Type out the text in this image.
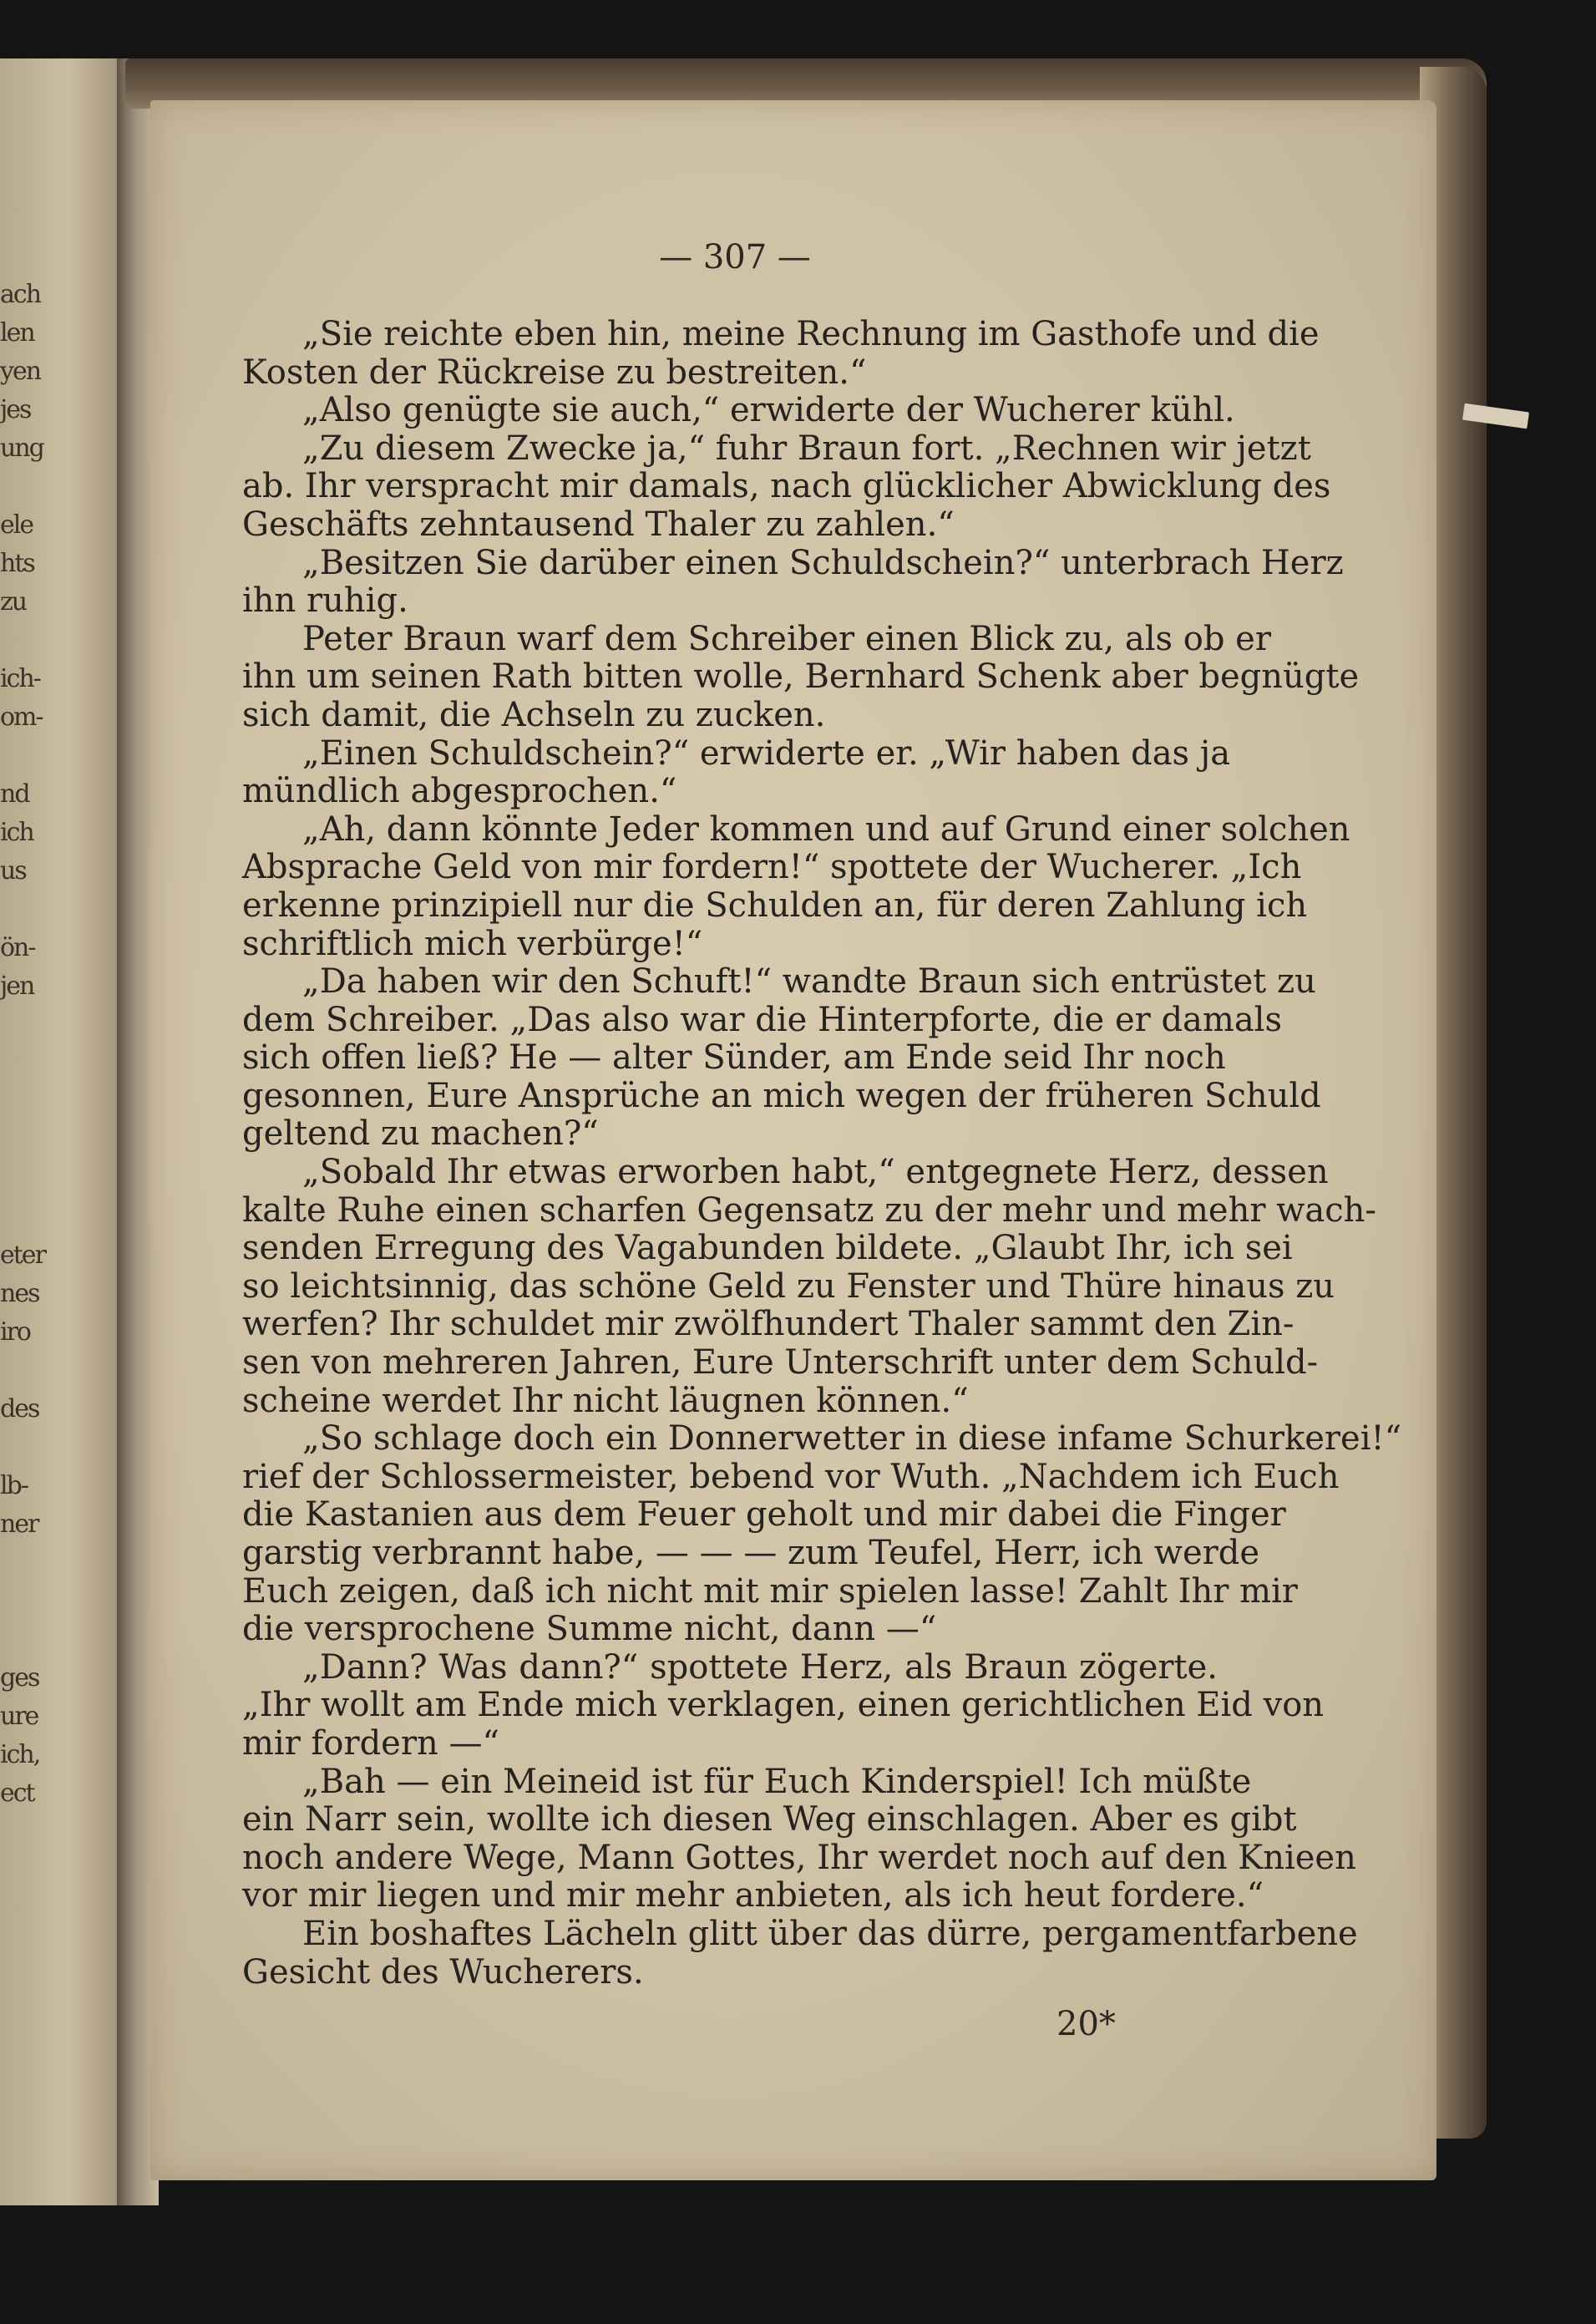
ach
len
yen
jes
ung
ele
hts
zu
ich-
om-
nd
ich
us
ön-
jen
eter
nes
iro
des
lb-
ner
ges
ure
ich,
ect
— 307 —
„Sie reichte eben hin, meine Rechnung im Gasthofe und die
Kosten der Rückreise zu bestreiten.“
„Also genügte sie auch,“ erwiderte der Wucherer kühl.
„Zu diesem Zwecke ja,“ fuhr Braun fort. „Rechnen wir jetzt
ab. Ihr verspracht mir damals, nach glücklicher Abwicklung des
Geschäfts zehntausend Thaler zu zahlen.“
„Besitzen Sie darüber einen Schuldschein?“ unterbrach Herz
ihn ruhig.
Peter Braun warf dem Schreiber einen Blick zu, als ob er
ihn um seinen Rath bitten wolle, Bernhard Schenk aber begnügte
sich damit, die Achseln zu zucken.
„Einen Schuldschein?“ erwiderte er. „Wir haben das ja
mündlich abgesprochen.“
„Ah, dann könnte Jeder kommen und auf Grund einer solchen
Absprache Geld von mir fordern!“ spottete der Wucherer. „Ich
erkenne prinzipiell nur die Schulden an, für deren Zahlung ich
schriftlich mich verbürge!“
„Da haben wir den Schuft!“ wandte Braun sich entrüstet zu
dem Schreiber. „Das also war die Hinterpforte, die er damals
sich offen ließ? He — alter Sünder, am Ende seid Ihr noch
gesonnen, Eure Ansprüche an mich wegen der früheren Schuld
geltend zu machen?“
„Sobald Ihr etwas erworben habt,“ entgegnete Herz, dessen
kalte Ruhe einen scharfen Gegensatz zu der mehr und mehr wach-
senden Erregung des Vagabunden bildete. „Glaubt Ihr, ich sei
so leichtsinnig, das schöne Geld zu Fenster und Thüre hinaus zu
werfen? Ihr schuldet mir zwölfhundert Thaler sammt den Zin-
sen von mehreren Jahren, Eure Unterschrift unter dem Schuld-
scheine werdet Ihr nicht läugnen können.“
„So schlage doch ein Donnerwetter in diese infame Schurkerei!“
rief der Schlossermeister, bebend vor Wuth. „Nachdem ich Euch
die Kastanien aus dem Feuer geholt und mir dabei die Finger
garstig verbrannt habe, — — — zum Teufel, Herr, ich werde
Euch zeigen, daß ich nicht mit mir spielen lasse! Zahlt Ihr mir
die versprochene Summe nicht, dann —“
„Dann? Was dann?“ spottete Herz, als Braun zögerte.
„Ihr wollt am Ende mich verklagen, einen gerichtlichen Eid von
mir fordern —“
„Bah — ein Meineid ist für Euch Kinderspiel! Ich müßte
ein Narr sein, wollte ich diesen Weg einschlagen. Aber es gibt
noch andere Wege, Mann Gottes, Ihr werdet noch auf den Knieen
vor mir liegen und mir mehr anbieten, als ich heut fordere.“
Ein boshaftes Lächeln glitt über das dürre, pergamentfarbene
Gesicht des Wucherers.
20*
